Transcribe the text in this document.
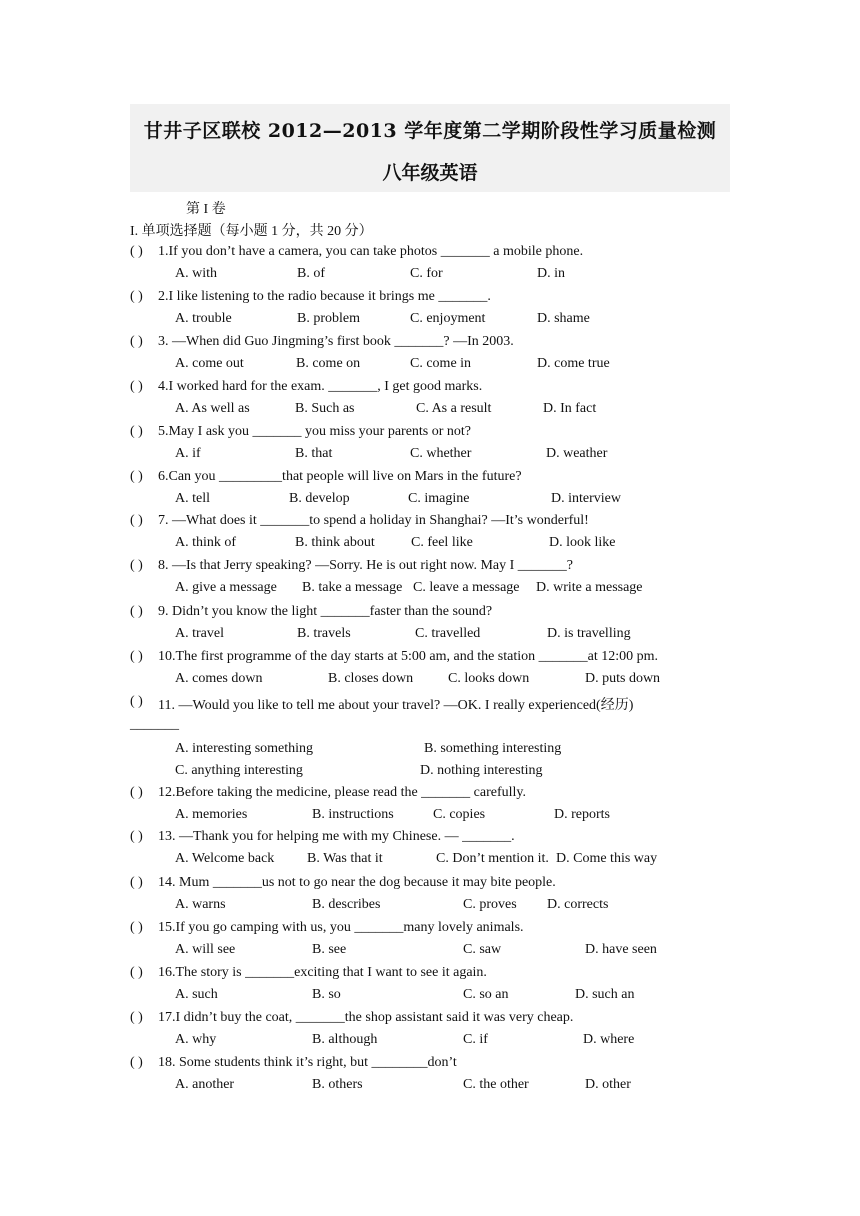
甘井子区联校 2012—2013 学年度第二学期阶段性学习质量检测
八年级英语
第 I 卷
I. 单项选择题（每小题 1 分，共 20 分）
( ) 1.If you don’t have a camera, you can take photos _______ a mobile phone.
A. with	B. of	C. for	D. in
( ) 2.I like listening to the radio because it brings me _______.
A. trouble	B. problem	C. enjoyment	D. shame
( ) 3. —When did Guo Jingming’s first book _______? —In 2003.
A. come out	B. come on	C. come in	D. come true
( ) 4.I worked hard for the exam. _______, I get good marks.
A. As well as	B. Such as	C. As a result	D. In fact
( ) 5.May I ask you _______ you miss your parents or not?
A. if	B. that	C. whether	D. weather
( ) 6.Can you _________that people will live on Mars in the future?
A. tell	B. develop	C. imagine	D. interview
( ) 7. —What does it _______to spend a holiday in Shanghai? —It’s wonderful!
A. think of	B. think about	C. feel like	D. look like
( ) 8. —Is that Jerry speaking? —Sorry. He is out right now. May I _______?
A. give a message B. take a message C. leave a message D. write a message
( ) 9. Didn’t you know the light _______faster than the sound?
A. travel	B. travels	C. travelled	D. is travelling
( ) 10.The first programme of the day starts at 5:00 am, and the station _______at 12:00 pm.
A. comes down	B. closes down C. looks down	D. puts down
( ) 11. —Would you like to tell me about your travel? —OK. I really experienced(经历)
_______
A. interesting something	B. something interesting
C. anything interesting	D. nothing interesting
( ) 12.Before taking the medicine, please read the _______ carefully.
A. memories	B. instructions	C. copies	D. reports
( ) 13. —Thank you for helping me with my Chinese. — _______.
A. Welcome back B. Was that it	C. Don’t mention it. D. Come this way
( ) 14. Mum _______us not to go near the dog because it may bite people.
A. warns	B. describes	C. proves D. corrects
( ) 15.If you go camping with us, you _______many lovely animals.
A. will see	B. see	C. saw	D. have seen
( ) 16.The story is _______exciting that I want to see it again.
A. such	B. so	C. so an	D. such an
( ) 17.I didn’t buy the coat, _______the shop assistant said it was very cheap.
A. why	B. although	C. if	D. where
( ) 18. Some students think it’s right, but ________don’t
A. another	B. others	C. the other	D. other
